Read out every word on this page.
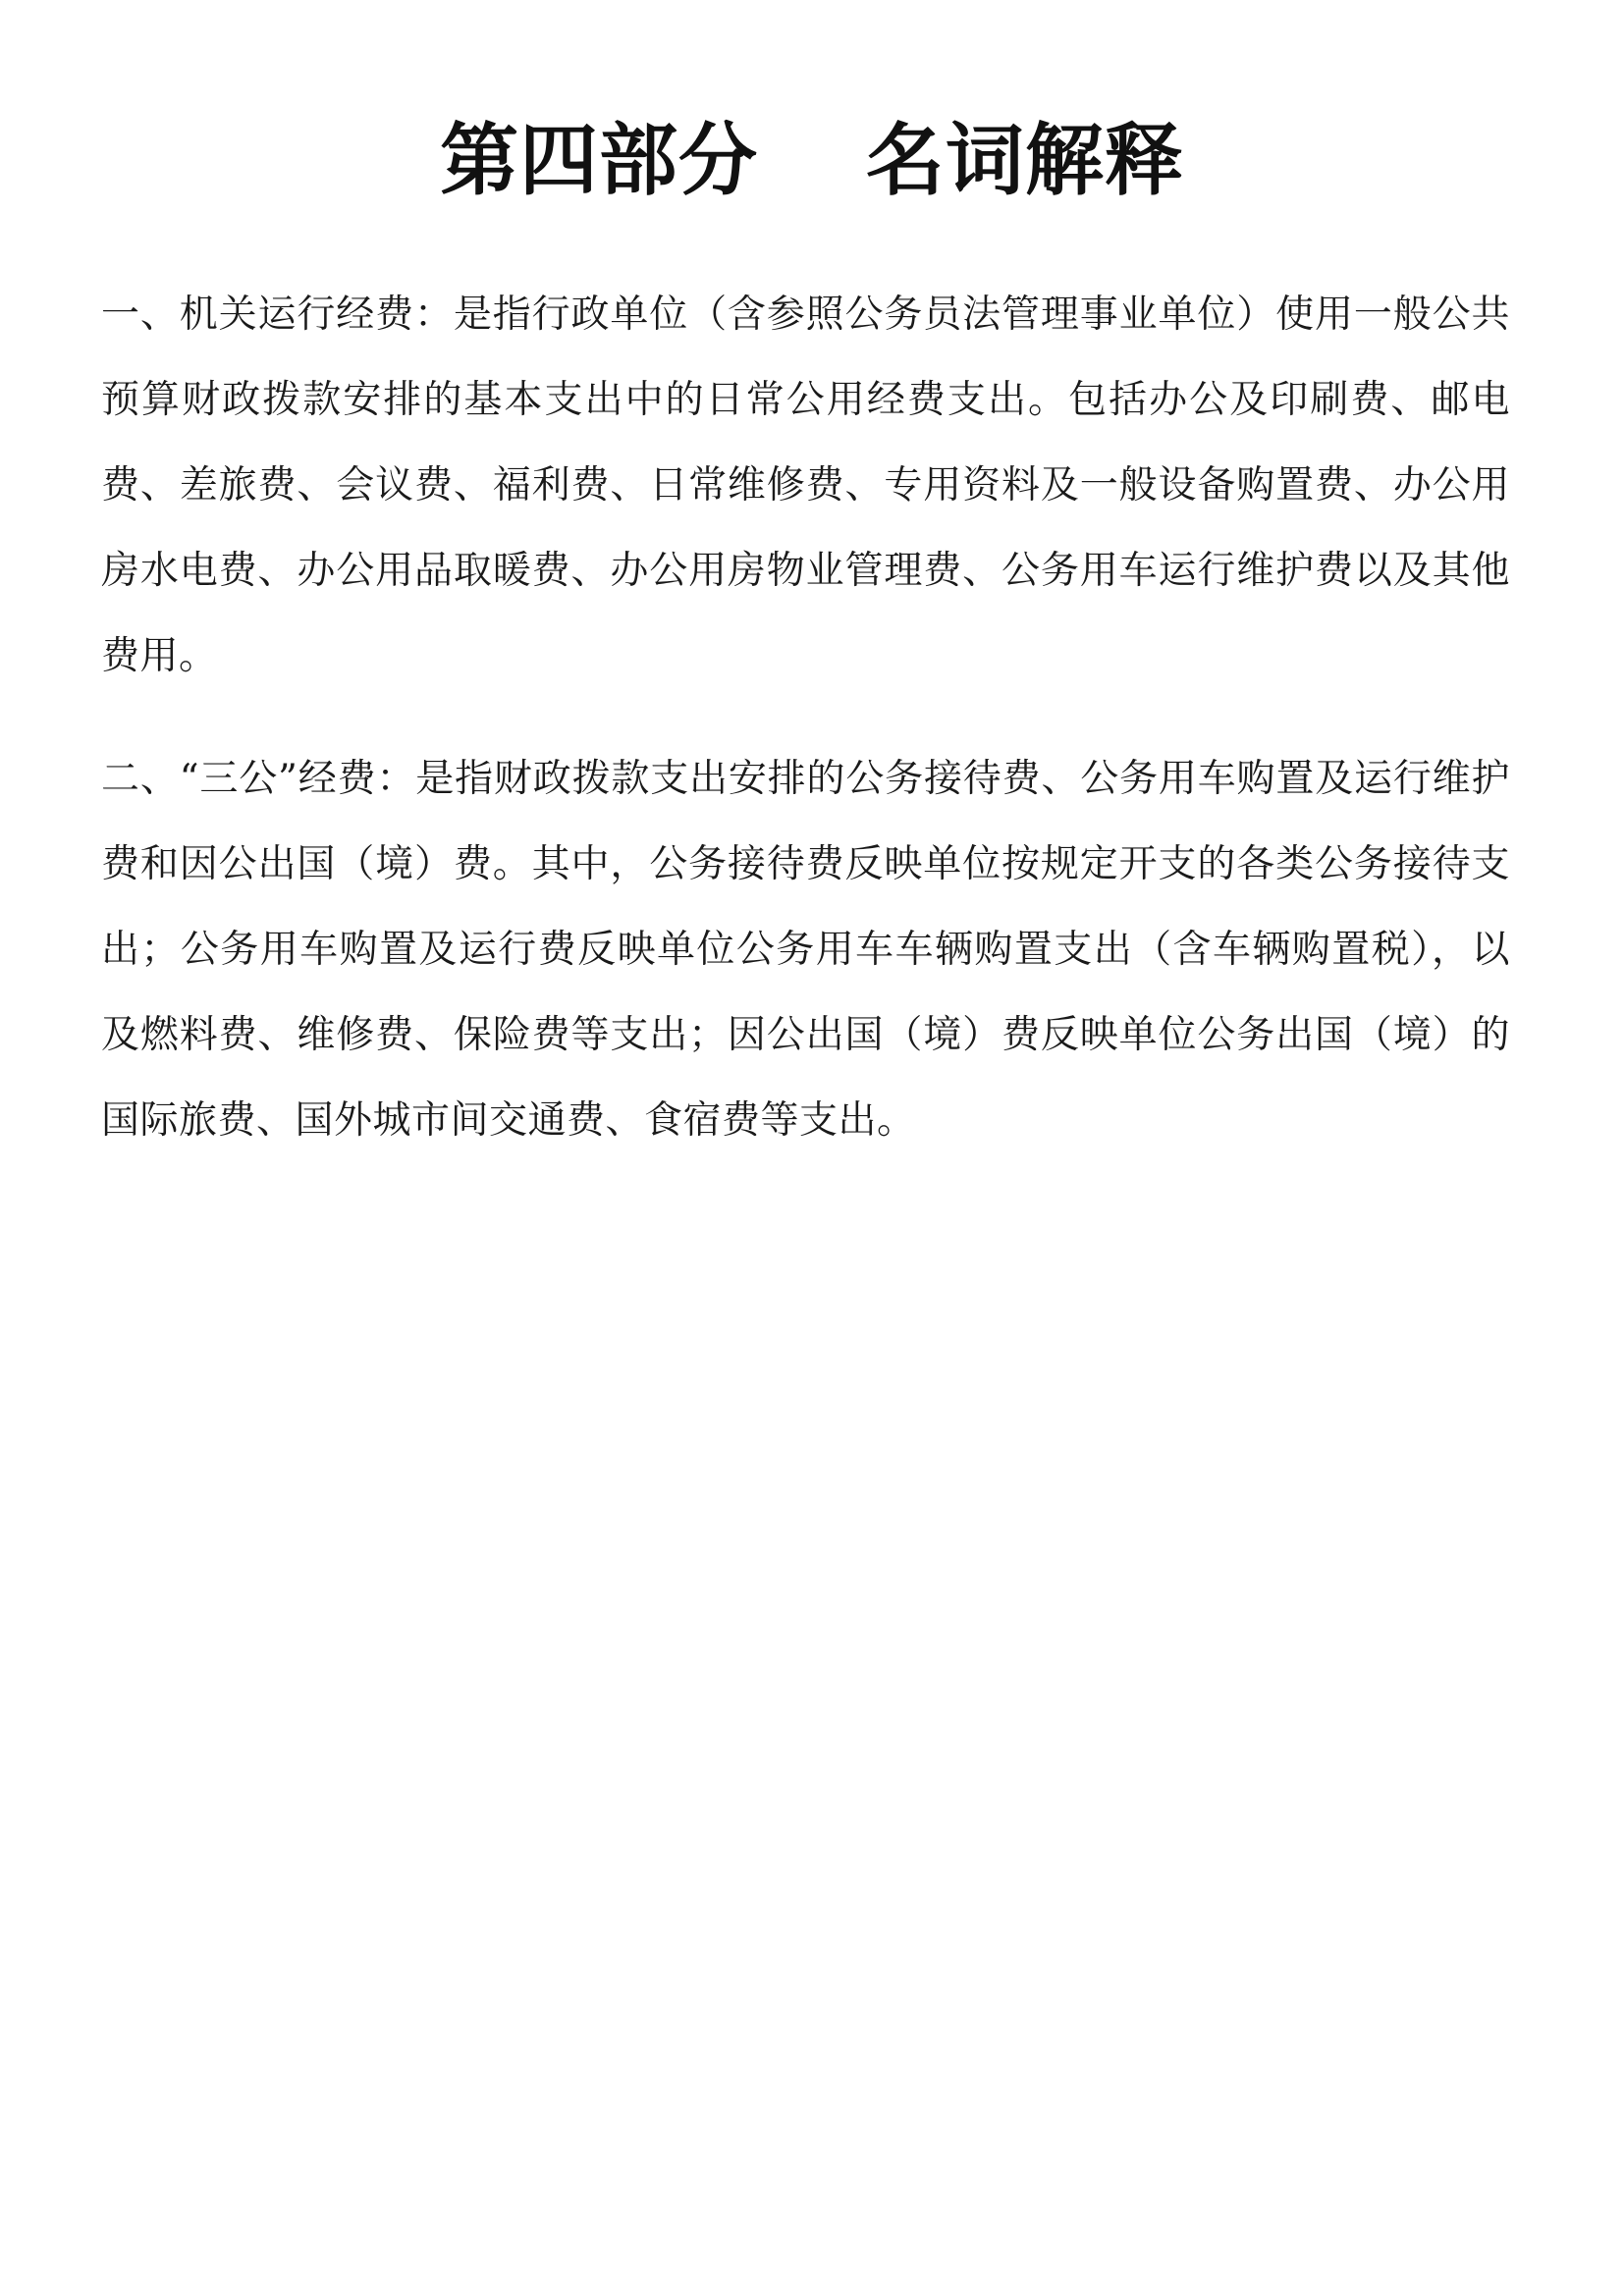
第四部分　 名词解释

一、机关运行经费：是指行政单位（含参照公务员法管理事业单位）使用一般公共预算财政拨款安排的基本支出中的日常公用经费支出。包括办公及印刷费、邮电费、差旅费、会议费、福利费、日常维修费、专用资料及一般设备购置费、办公用房水电费、办公用品取暖费、办公用房物业管理费、公务用车运行维护费以及其他费用。

二、“三公”经费：是指财政拨款支出安排的公务接待费、公务用车购置及运行维护费和因公出国（境）费。其中，公务接待费反映单位按规定开支的各类公务接待支出；公务用车购置及运行费反映单位公务用车车辆购置支出（含车辆购置税），以及燃料费、维修费、保险费等支出；因公出国（境）费反映单位公务出国（境）的国际旅费、国外城市间交通费、食宿费等支出。
